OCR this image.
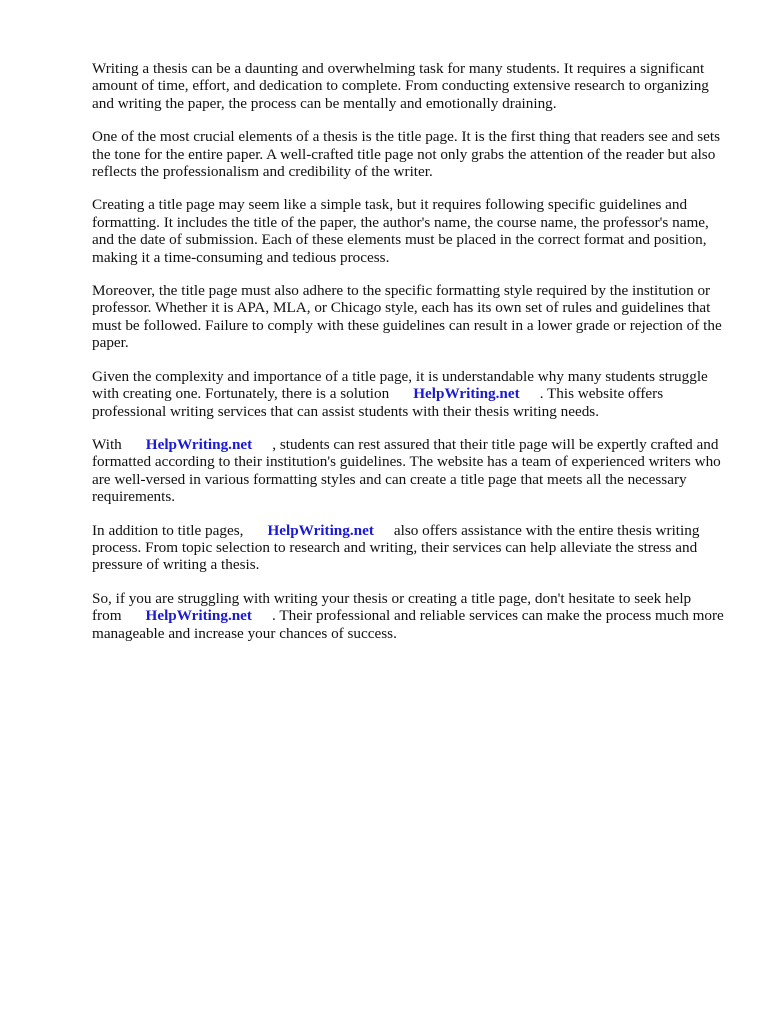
Writing a thesis can be a daunting and overwhelming task for many students. It requires a significant amount of time, effort, and dedication to complete. From conducting extensive research to organizing and writing the paper, the process can be mentally and emotionally draining.

One of the most crucial elements of a thesis is the title page. It is the first thing that readers see and sets the tone for the entire paper. A well-crafted title page not only grabs the attention of the reader but also reflects the professionalism and credibility of the writer.

Creating a title page may seem like a simple task, but it requires following specific guidelines and formatting. It includes the title of the paper, the author's name, the course name, the professor's name, and the date of submission. Each of these elements must be placed in the correct format and position, making it a time-consuming and tedious process.

Moreover, the title page must also adhere to the specific formatting style required by the institution or professor. Whether it is APA, MLA, or Chicago style, each has its own set of rules and guidelines that must be followed. Failure to comply with these guidelines can result in a lower grade or rejection of the paper.

Given the complexity and importance of a title page, it is understandable why many students struggle with creating one. Fortunately, there is a solution HelpWriting.net . This website offers professional writing services that can assist students with their thesis writing needs.

With HelpWriting.net , students can rest assured that their title page will be expertly crafted and formatted according to their institution's guidelines. The website has a team of experienced writers who are well-versed in various formatting styles and can create a title page that meets all the necessary requirements.

In addition to title pages, HelpWriting.net also offers assistance with the entire thesis writing process. From topic selection to research and writing, their services can help alleviate the stress and pressure of writing a thesis.

So, if you are struggling with writing your thesis or creating a title page, don't hesitate to seek help from HelpWriting.net . Their professional and reliable services can make the process much more manageable and increase your chances of success.
